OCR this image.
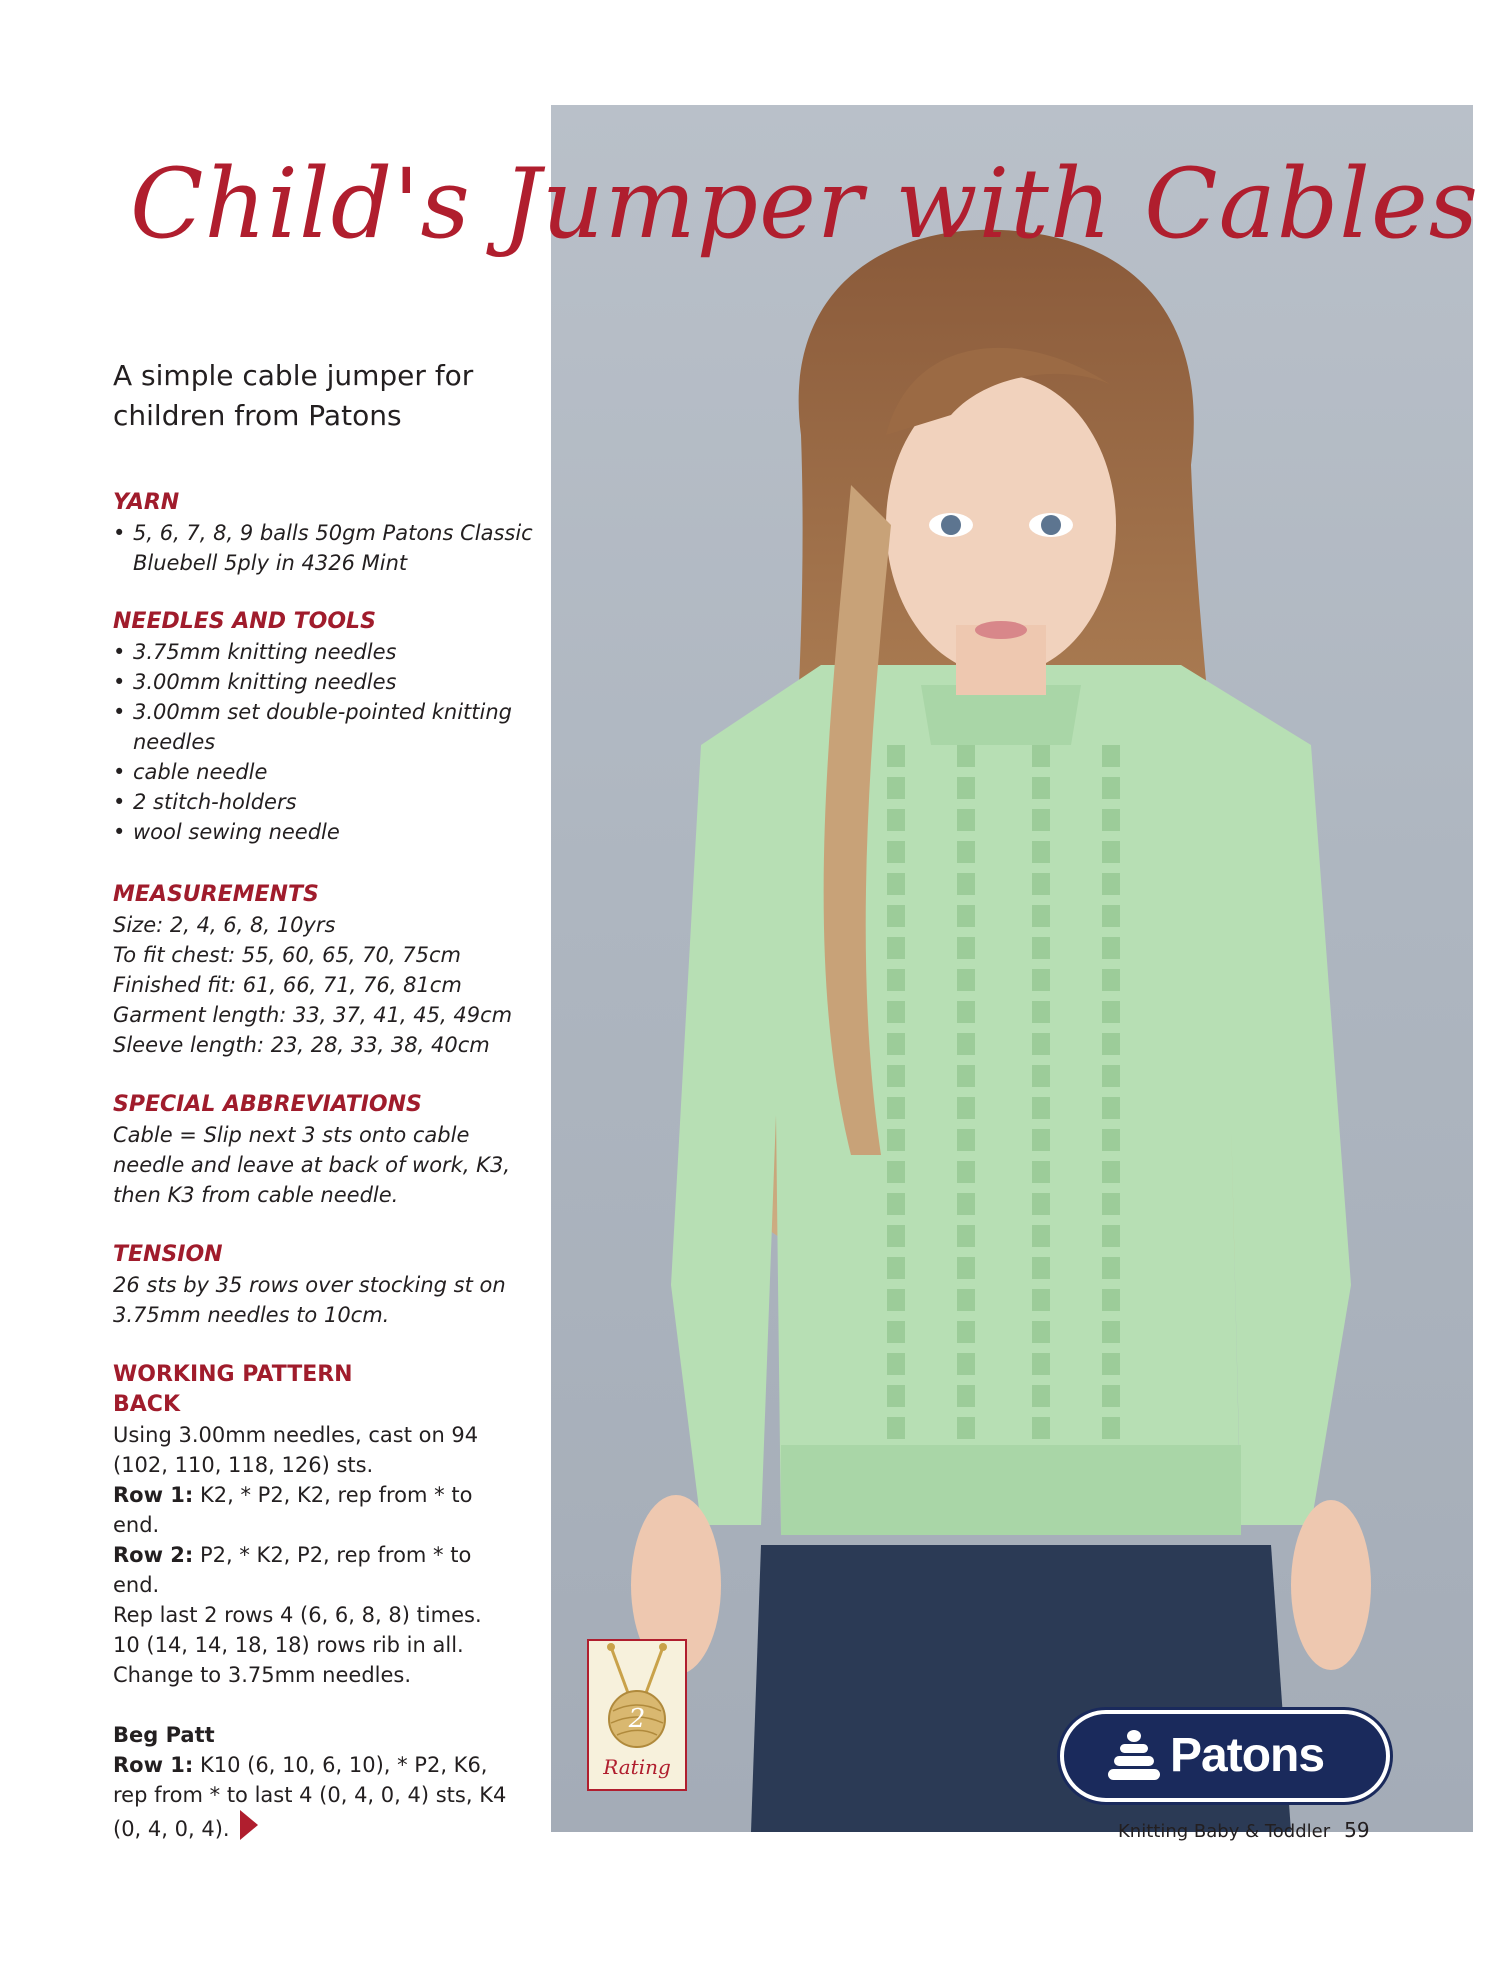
Child's Jumper with Cables
A simple cable jumper for children from Patons
YARN
• 5, 6, 7, 8, 9 balls 50gm Patons Classic Bluebell 5ply in 4326 Mint
NEEDLES AND TOOLS
• 3.75mm knitting needles
• 3.00mm knitting needles
• 3.00mm set double-pointed knitting needles
• cable needle
• 2 stitch-holders
• wool sewing needle
MEASUREMENTS
Size: 2, 4, 6, 8, 10yrs
To fit chest: 55, 60, 65, 70, 75cm
Finished fit: 61, 66, 71, 76, 81cm
Garment length: 33, 37, 41, 45, 49cm
Sleeve length: 23, 28, 33, 38, 40cm
SPECIAL ABBREVIATIONS
Cable = Slip next 3 sts onto cable needle and leave at back of work, K3, then K3 from cable needle.
TENSION
26 sts by 35 rows over stocking st on 3.75mm needles to 10cm.
WORKING PATTERN
BACK
Using 3.00mm needles, cast on 94 (102, 110, 118, 126) sts.
Row 1: K2, * P2, K2, rep from * to end.
Row 2: P2, * K2, P2, rep from * to end.
Rep last 2 rows 4 (6, 6, 8, 8) times. 10 (14, 14, 18, 18) rows rib in all.
Change to 3.75mm needles.
Beg Patt
Row 1: K10 (6, 10, 6, 10), * P2, K6, rep from * to last 4 (0, 4, 0, 4) sts, K4 (0, 4, 0, 4).
2
Rating	Patons
Knitting Baby & Toddler 59
